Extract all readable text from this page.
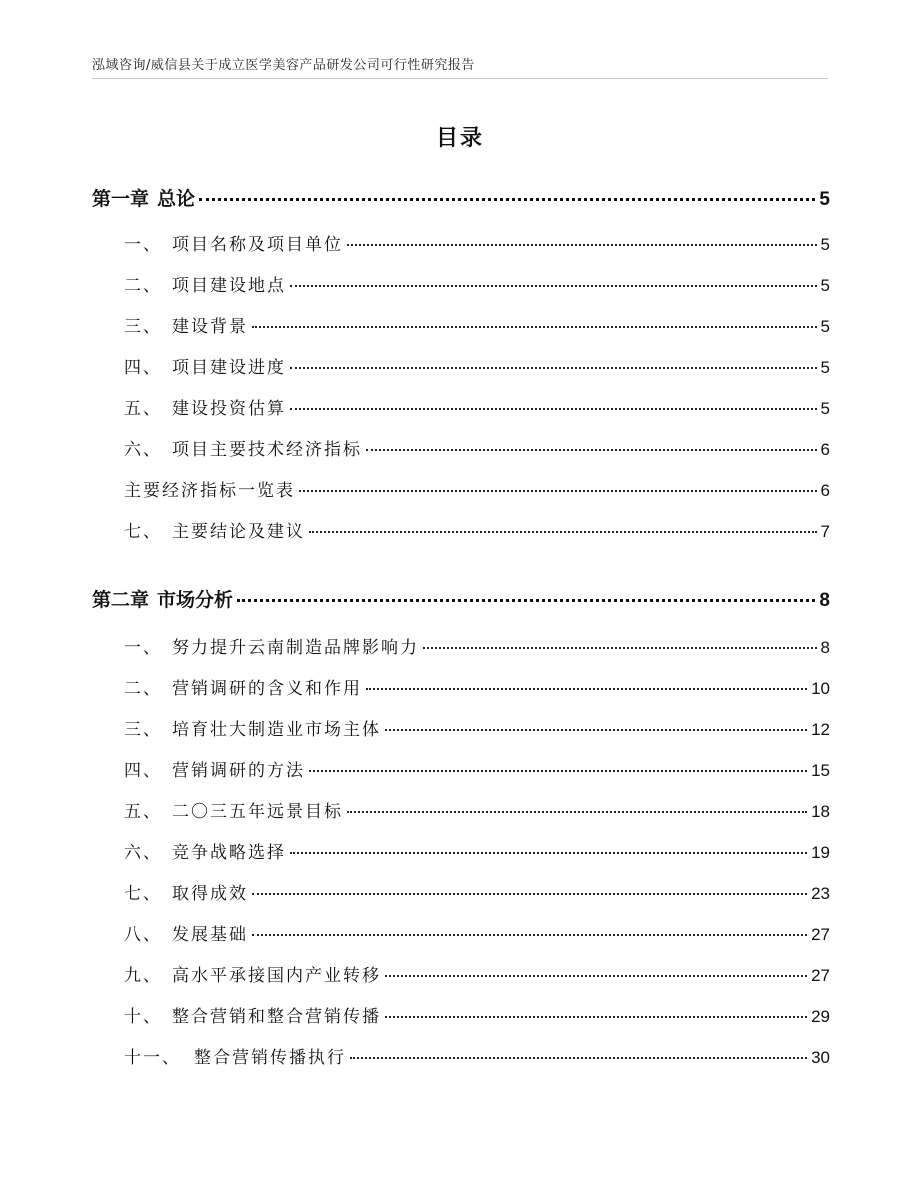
泓域咨询/威信县关于成立医学美容产品研发公司可行性研究报告
目录
第一章 总论	5
一、 项目名称及项目单位	5
二、 项目建设地点	5
三、 建设背景	5
四、 项目建设进度	5
五、 建设投资估算	5
六、 项目主要技术经济指标	6
主要经济指标一览表	6
七、 主要结论及建议	7
第二章 市场分析	8
一、 努力提升云南制造品牌影响力	8
二、 营销调研的含义和作用	10
三、 培育壮大制造业市场主体	12
四、 营销调研的方法	15
五、 二〇三五年远景目标	18
六、 竞争战略选择	19
七、 取得成效	23
八、 发展基础	27
九、 高水平承接国内产业转移	27
十、 整合营销和整合营销传播	29
十一、 整合营销传播执行	30
